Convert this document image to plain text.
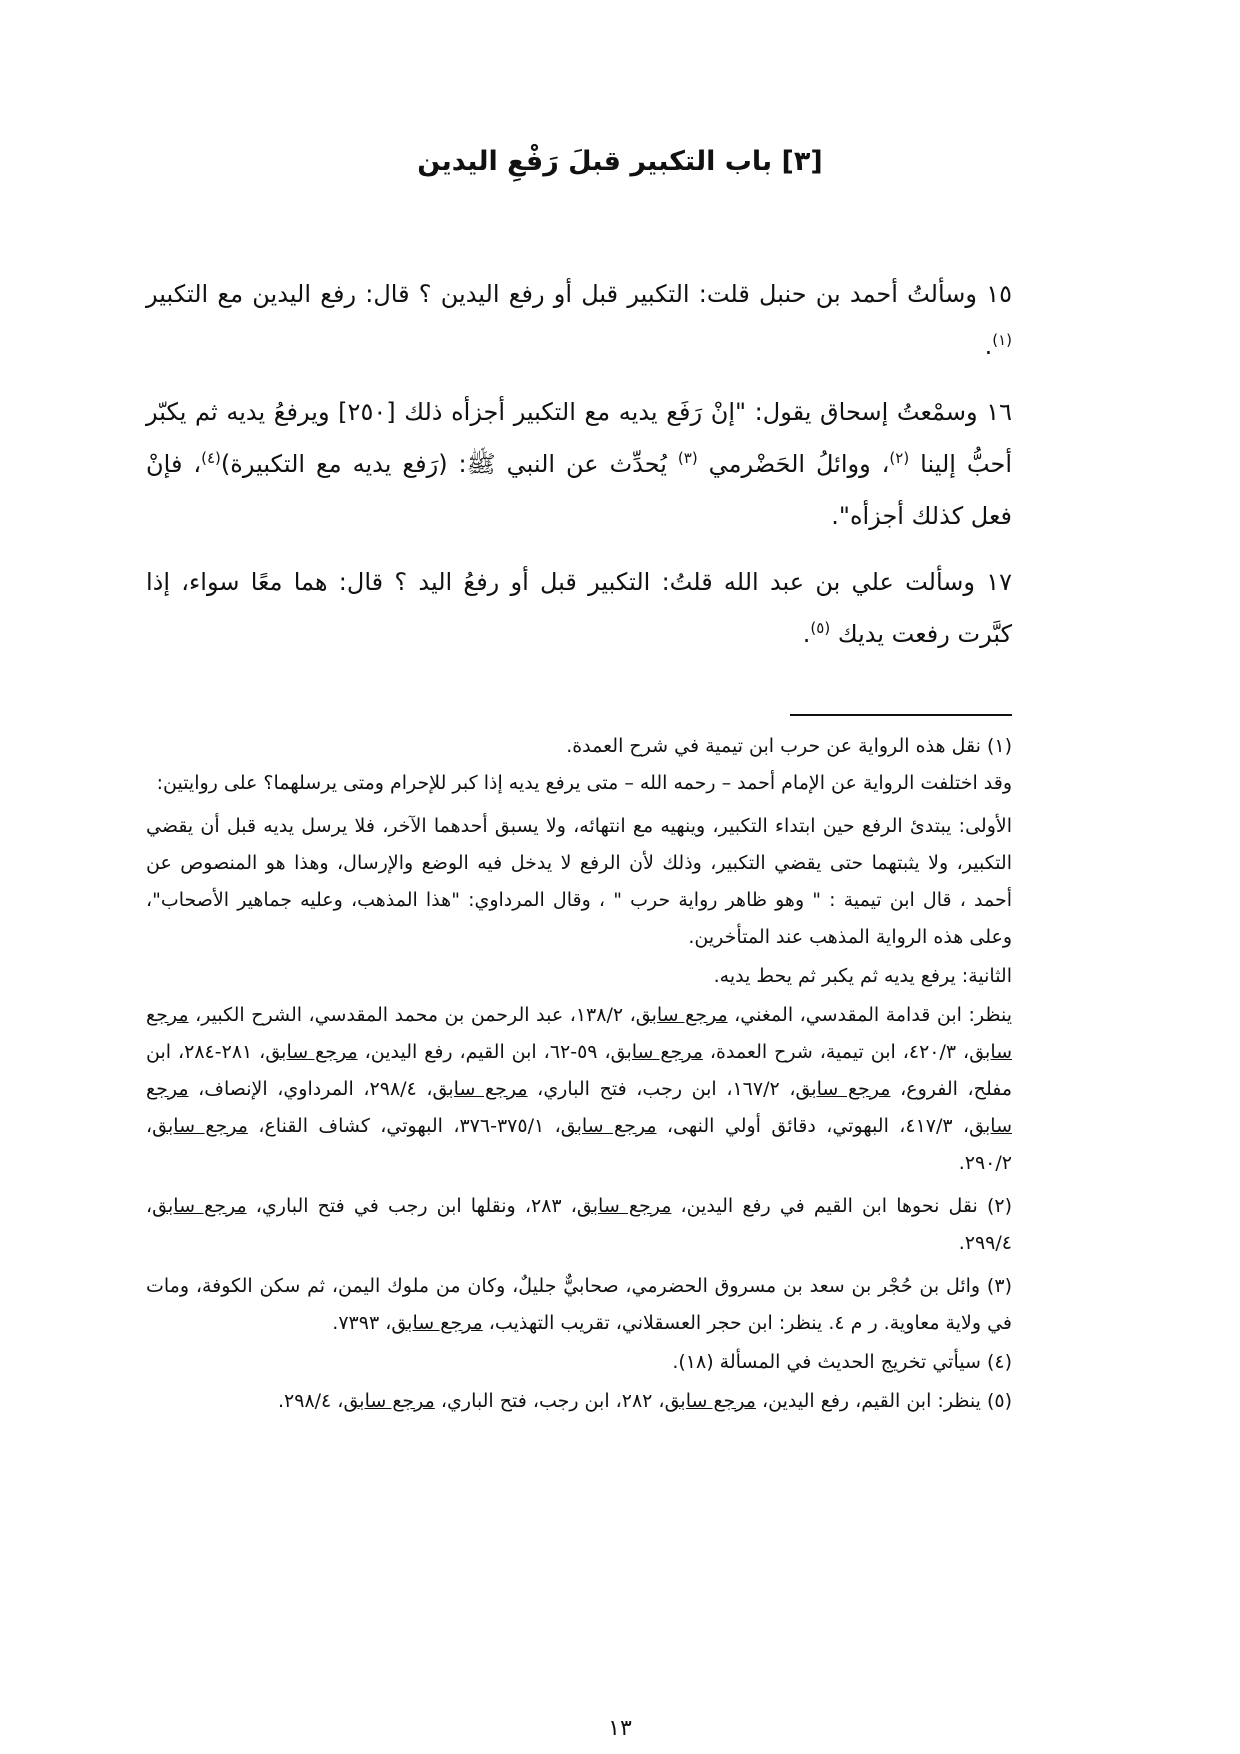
[٣] باب التكبير قبلَ رَفْعِ اليدين

١٥ وسألتُ أحمد بن حنبل قلت: التكبير قبل أو رفع اليدين ؟ قال: رفع اليدين مع التكبير $^{(١)}$.

١٦ وسمْعتُ إسحاق يقول: "إنْ رَفَع يديه مع التكبير أجزأه ذلك [٢٥٠] ويرفعُ يديه ثم يكبّر أحبُّ إلينا $^{(٢)}$، ووائلُ الحَضْرمي $^{(٣)}$ يُحدِّث عن النبي ﷺ: (رَفع يديه مع التكبيرة)$^{(٤)}$، فإنْ فعل كذلك أجزأه".

١٧ وسألت علي بن عبد الله قلتُ: التكبير قبل أو رفعُ اليد ؟ قال: هما معًا سواء، إذا كبَّرت رفعت يديك $^{(٥)}$.

(١) نقل هذه الرواية عن حرب ابن تيمية في شرح العمدة.

وقد اختلفت الرواية عن الإمام أحمد – رحمه الله – متى يرفع يديه إذا كبر للإحرام ومتى يرسلهما؟ على روايتين:

الأولى: يبتدئ الرفع حين ابتداء التكبير، وينهيه مع انتهائه، ولا يسبق أحدهما الآخر، فلا يرسل يديه قبل أن يقضي التكبير، ولا يثبتهما حتى يقضي التكبير، وذلك لأن الرفع لا يدخل فيه الوضع والإرسال، وهذا هو المنصوص عن أحمد ، قال ابن تيمية : " وهو ظاهر رواية حرب " ، وقال المرداوي: "هذا المذهب، وعليه جماهير الأصحاب"، وعلى هذه الرواية المذهب عند المتأخرين.

الثانية: يرفع يديه ثم يكبر ثم يحط يديه.

ينظر: ابن قدامة المقدسي، المغني، مرجع سابق، ١٣٨/٢، عبد الرحمن بن محمد المقدسي، الشرح الكبير، مرجع سابق، ٤٢٠/٣، ابن تيمية، شرح العمدة، مرجع سابق، ٥٩-٦٢، ابن القيم، رفع اليدين، مرجع سابق، ٢٨١-٢٨٤، ابن مفلح، الفروع، مرجع سابق، ١٦٧/٢، ابن رجب، فتح الباري، مرجع سابق، ٢٩٨/٤، المرداوي، الإنصاف، مرجع سابق، ٤١٧/٣، البهوتي، دقائق أولي النهى، مرجع سابق، ٣٧٥/١-٣٧٦، البهوتي، كشاف القناع، مرجع سابق، ٢٩٠/٢.

(٢) نقل نحوها ابن القيم في رفع اليدين، مرجع سابق، ٢٨٣، ونقلها ابن رجب في فتح الباري، مرجع سابق، ٢٩٩/٤.

(٣) وائل بن حُجْر بن سعد بن مسروق الحضرمي، صحابيٌّ جليلٌ، وكان من ملوك اليمن، ثم سكن الكوفة، ومات في ولاية معاوية. ر م ٤. ينظر: ابن حجر العسقلاني، تقريب التهذيب، مرجع سابق، ٧٣٩٣.

(٤) سيأتي تخريج الحديث في المسألة (١٨).

(٥) ينظر: ابن القيم، رفع اليدين، مرجع سابق، ٢٨٢، ابن رجب، فتح الباري، مرجع سابق، ٢٩٨/٤.

١٣
